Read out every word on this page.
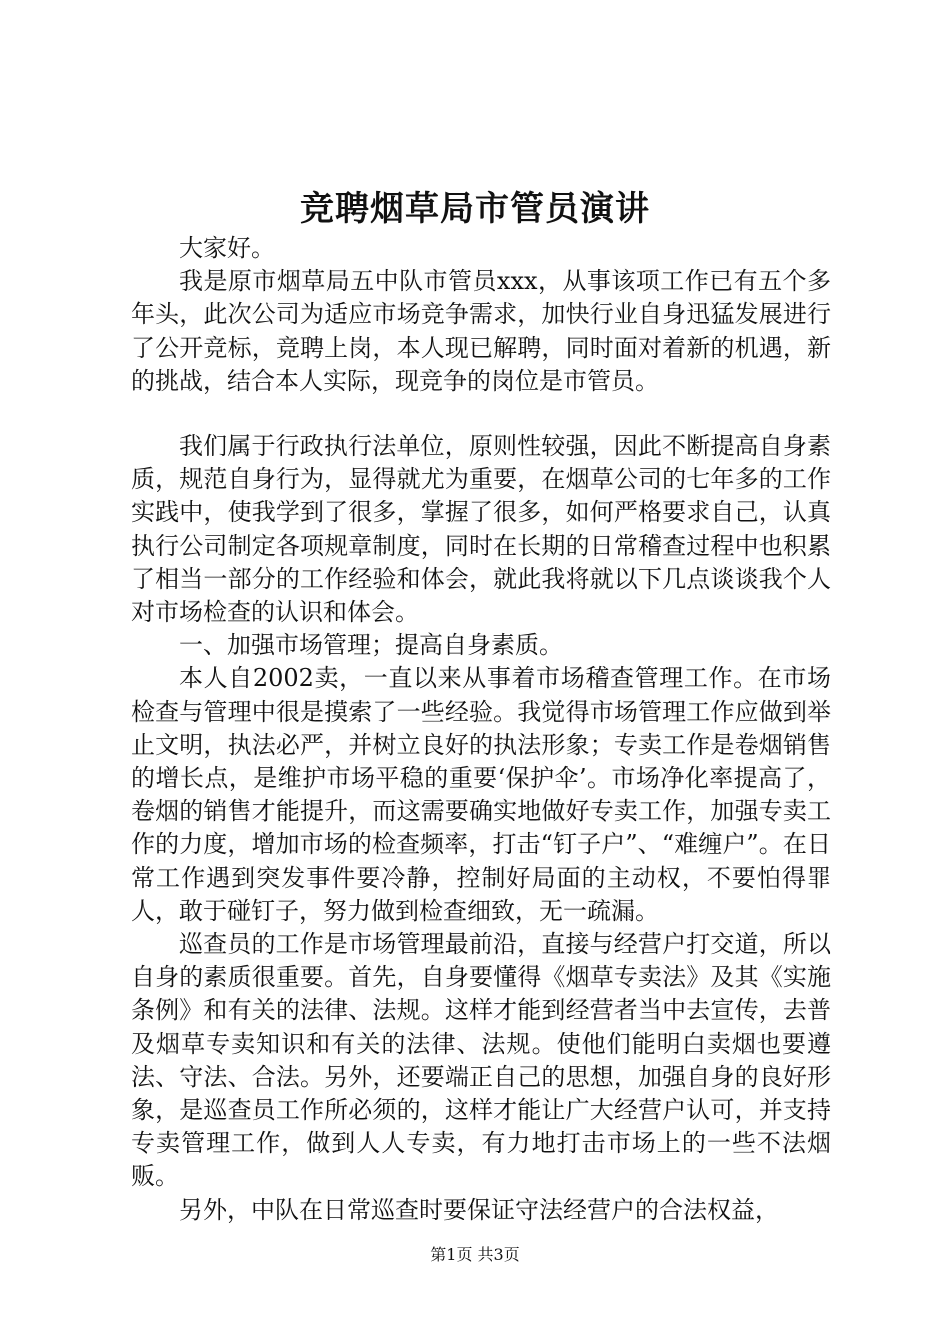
竞聘烟草局市管员演讲

大家好。

我是原市烟草局五中队市管员xxx，从事该项工作已有五个多年头，此次公司为适应市场竞争需求，加快行业自身迅猛发展进行了公开竞标，竞聘上岗，本人现已解聘，同时面对着新的机遇，新的挑战，结合本人实际，现竞争的岗位是市管员。

我们属于行政执行法单位，原则性较强，因此不断提高自身素质，规范自身行为，显得就尤为重要，在烟草公司的七年多的工作实践中，使我学到了很多，掌握了很多，如何严格要求自己，认真执行公司制定各项规章制度，同时在长期的日常稽查过程中也积累了相当一部分的工作经验和体会，就此我将就以下几点谈谈我个人对市场检查的认识和体会。

一、加强市场管理；提高自身素质。

本人自2002卖，一直以来从事着市场稽查管理工作。在市场检查与管理中很是摸索了一些经验。我觉得市场管理工作应做到举止文明，执法必严，并树立良好的执法形象；专卖工作是卷烟销售的增长点，是维护市场平稳的重要‘保护伞’。市场净化率提高了，卷烟的销售才能提升，而这需要确实地做好专卖工作，加强专卖工作的力度，增加市场的检查频率，打击“钉子户”、“难缠户”。在日常工作遇到突发事件要冷静，控制好局面的主动权，不要怕得罪人，敢于碰钉子，努力做到检查细致，无一疏漏。

巡查员的工作是市场管理最前沿，直接与经营户打交道，所以自身的素质很重要。首先，自身要懂得《烟草专卖法》及其《实施条例》和有关的法律、法规。这样才能到经营者当中去宣传，去普及烟草专卖知识和有关的法律、法规。使他们能明白卖烟也要遵法、守法、合法。另外，还要端正自己的思想，加强自身的良好形象，是巡查员工作所必须的，这样才能让广大经营户认可，并支持专卖管理工作，做到人人专卖，有力地打击市场上的一些不法烟贩。

另外，中队在日常巡查时要保证守法经营户的合法权益，

第1页 共3页
